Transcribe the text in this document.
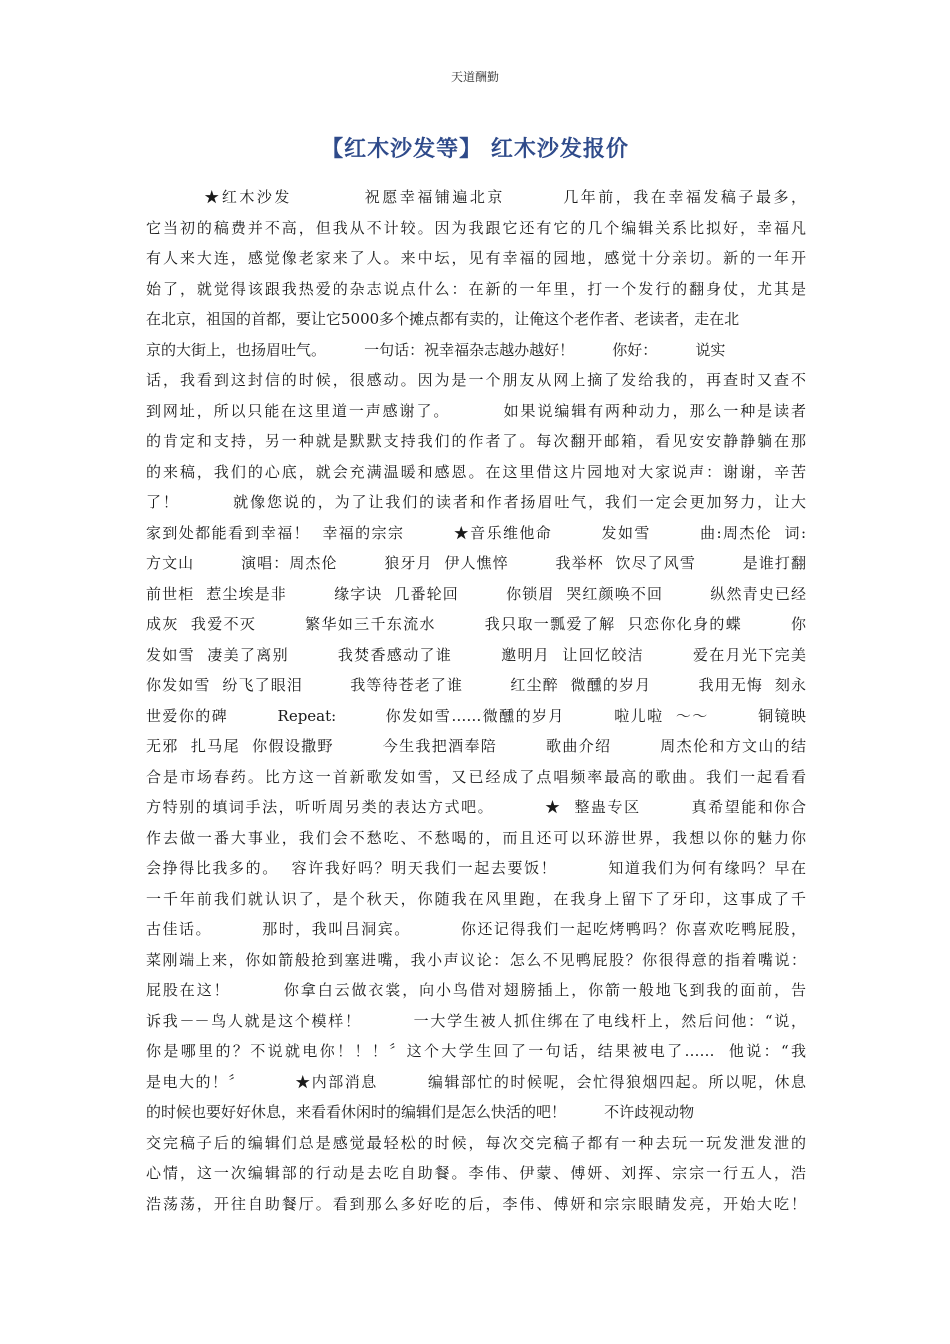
天道酬勤
【红木沙发等】 红木沙发报价
★红木沙发          祝愿幸福铺遍北京        几年前，我在幸福发稿子最多，
它当初的稿费并不高，但我从不计较。因为我跟它还有它的几个编辑关系比拟好，幸福凡
有人来大连，感觉像老家来了人。来中坛，见有幸福的园地，感觉十分亲切。新的一年开
始了，就觉得该跟我热爱的杂志说点什么：在新的一年里，打一个发行的翻身仗，尤其是
在北京，祖国的首都，要让它5000多个摊点都有卖的，让俺这个老作者、老读者，走在北
京的大街上，也扬眉吐气。        一句话：祝幸福杂志越办越好！        你好：        说实
话，我看到这封信的时候，很感动。因为是一个朋友从网上摘了发给我的，再查时又查不
到网址，所以只能在这里道一声感谢了。        如果说编辑有两种动力，那么一种是读者
的肯定和支持，另一种就是默默支持我们的作者了。每次翻开邮箱，看见安安静静躺在那
的来稿，我们的心底，就会充满温暖和感恩。在这里借这片园地对大家说声：谢谢，辛苦
了！        就像您说的，为了让我们的读者和作者扬眉吐气，我们一定会更加努力，让大
家到处都能看到幸福！  幸福的宗宗        ★音乐维他命        发如雪        曲:周杰伦  词:
方文山        演唱：周杰伦        狼牙月  伊人憔悴        我举杯  饮尽了风雪        是谁打翻
前世柜  惹尘埃是非        缘字诀  几番轮回        你锁眉  哭红颜唤不回        纵然青史已经
成灰  我爱不灭        繁华如三千东流水        我只取一瓢爱了解  只恋你化身的蝶        你
发如雪  凄美了离别        我焚香感动了谁        邀明月  让回忆皎洁        爱在月光下完美
你发如雪  纷飞了眼泪        我等待苍老了谁        红尘醉  微醺的岁月        我用无悔  刻永
世爱你的碑        Repeat:        你发如雪……微醺的岁月        啦儿啦  ～～        铜镜映
无邪  扎马尾  你假设撒野        今生我把酒奉陪        歌曲介绍        周杰伦和方文山的结
合是市场春药。比方这一首新歌发如雪，又已经成了点唱频率最高的歌曲。我们一起看看
方特别的填词手法，听听周另类的表达方式吧。        ★  整蛊专区        真希望能和你合
作去做一番大事业，我们会不愁吃、不愁喝的，而且还可以环游世界，我想以你的魅力你
会挣得比我多的。  容许我好吗？明天我们一起去要饭！        知道我们为何有缘吗？早在
一千年前我们就认识了，是个秋天，你随我在风里跑，在我身上留下了牙印，这事成了千
古佳话。        那时，我叫吕洞宾。        你还记得我们一起吃烤鸭吗？你喜欢吃鸭屁股，
菜刚端上来，你如箭般抢到塞进嘴，我小声议论：怎么不见鸭屁股？你很得意的指着嘴说：
屁股在这！        你拿白云做衣裳，向小鸟借对翅膀插上，你箭一般地飞到我的面前，告
诉我－－鸟人就是这个模样！        一大学生被人抓住绑在了电线杆上，然后问他：“说，
你是哪里的？不说就电你！！！〞这个大学生回了一句话，结果被电了……  他说：“我
是电大的！〞        ★内部消息        编辑部忙的时候呢，会忙得狼烟四起。所以呢，休息
的时候也要好好休息，来看看休闲时的编辑们是怎么快活的吧！        不许歧视动物
交完稿子后的编辑们总是感觉最轻松的时候，每次交完稿子都有一种去玩一玩发泄发泄的
心情，这一次编辑部的行动是去吃自助餐。李伟、伊蒙、傅妍、刘挥、宗宗一行五人，浩
浩荡荡，开往自助餐厅。看到那么多好吃的后，李伟、傅妍和宗宗眼睛发亮，开始大吃！
